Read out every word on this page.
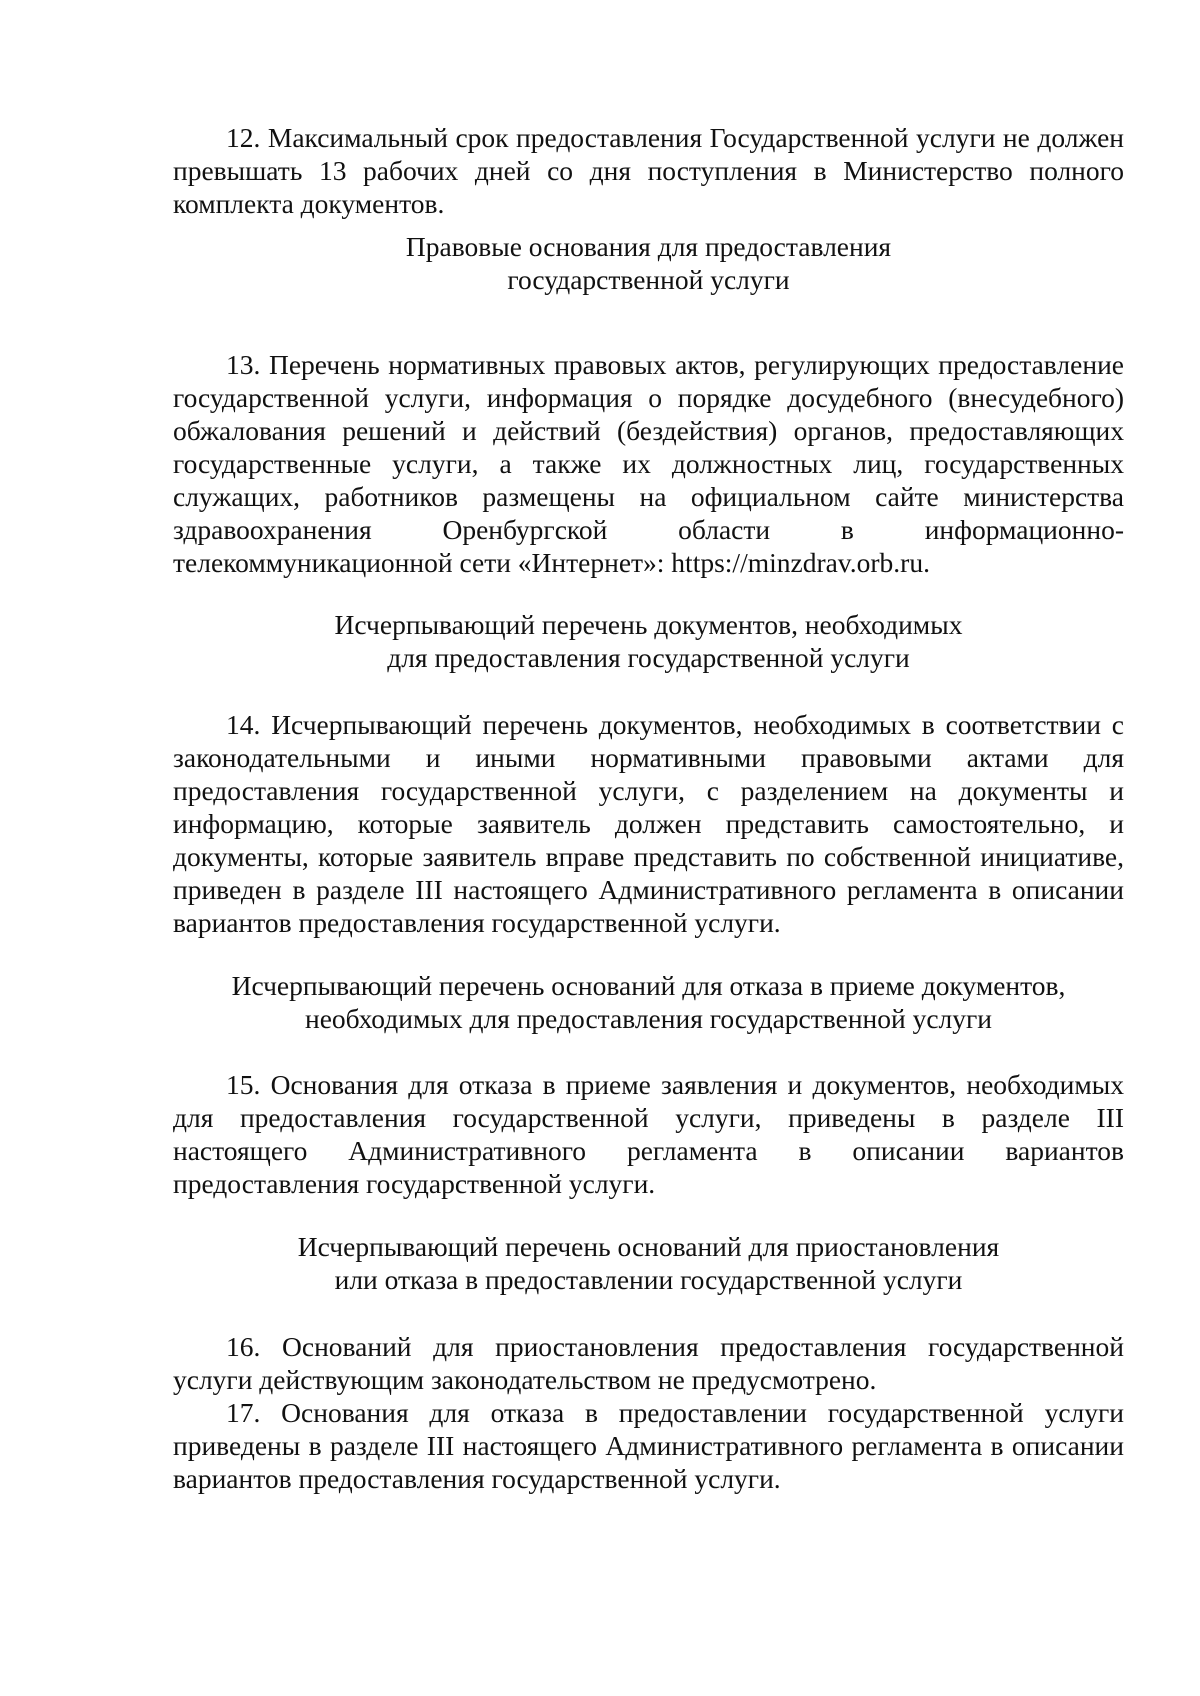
12. Максимальный срок предоставления Государственной услуги не должен превышать 13 рабочих дней со дня поступления в Министерство полного комплекта документов.

Правовые основания для предоставления
государственной услуги

13. Перечень нормативных правовых актов, регулирующих предоставление государственной услуги, информация о порядке досудебного (внесудебного) обжалования решений и действий (бездействия) органов, предоставляющих государственные услуги, а также их должностных лиц, государственных служащих, работников размещены на официальном сайте министерства здравоохранения Оренбургской области в информационно-телекоммуникационной сети «Интернет»: https://minzdrav.orb.ru.

Исчерпывающий перечень документов, необходимых
для предоставления государственной услуги

14. Исчерпывающий перечень документов, необходимых в соответствии с законодательными и иными нормативными правовыми актами для предоставления государственной услуги, с разделением на документы и информацию, которые заявитель должен представить самостоятельно, и документы, которые заявитель вправе представить по собственной инициативе, приведен в разделе III настоящего Административного регламента в описании вариантов предоставления государственной услуги.

Исчерпывающий перечень оснований для отказа в приеме документов,
необходимых для предоставления государственной услуги

15. Основания для отказа в приеме заявления и документов, необходимых для предоставления государственной услуги, приведены в разделе III настоящего Административного регламента в описании вариантов предоставления государственной услуги.

Исчерпывающий перечень оснований для приостановления
или отказа в предоставлении государственной услуги

16. Оснований для приостановления предоставления государственной услуги действующим законодательством не предусмотрено.

17. Основания для отказа в предоставлении государственной услуги приведены в разделе III настоящего Административного регламента в описании вариантов предоставления государственной услуги.
